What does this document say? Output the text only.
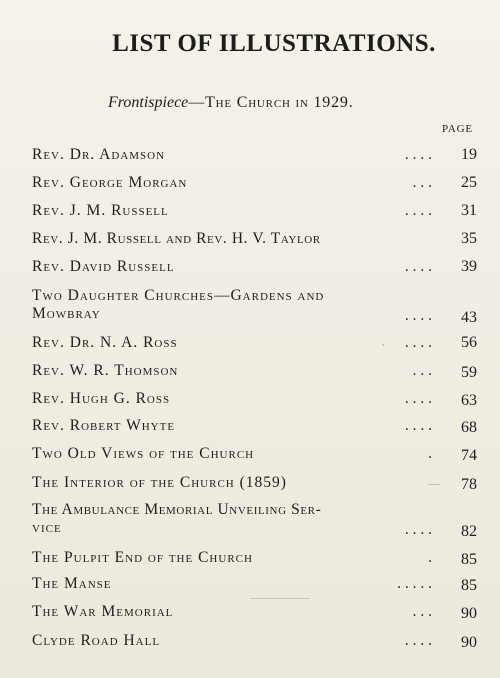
LIST OF ILLUSTRATIONS.
Frontispiece—The Church in 1929.
PAGE
Rev. Dr. Adamson	. . . .	19
Rev. George Morgan	. . .	25
Rev. J. M. Russell	. . . .	31
Rev. J. M. Russell and Rev. H. V. Taylor	35
Rev. David Russell	. . . .	39
Two Daughter Churches—Gardens and
Mowbray	. . . .	43
Rev. Dr. N. A. Ross	. . . .	56
Rev. W. R. Thomson	. . .	59
Rev. Hugh G. Ross	. . . .	63
Rev. Robert Whyte	. . . .	68
Two Old Views of the Church	.	74
The Interior of the Church (1859)	78
The Ambulance Memorial Unveiling Ser-
vice	. . . .	82
The Pulpit End of the Church	.	85
The Manse	. . . . .	85
The War Memorial	. . .	90
Clyde Road Hall	. . . .	90
